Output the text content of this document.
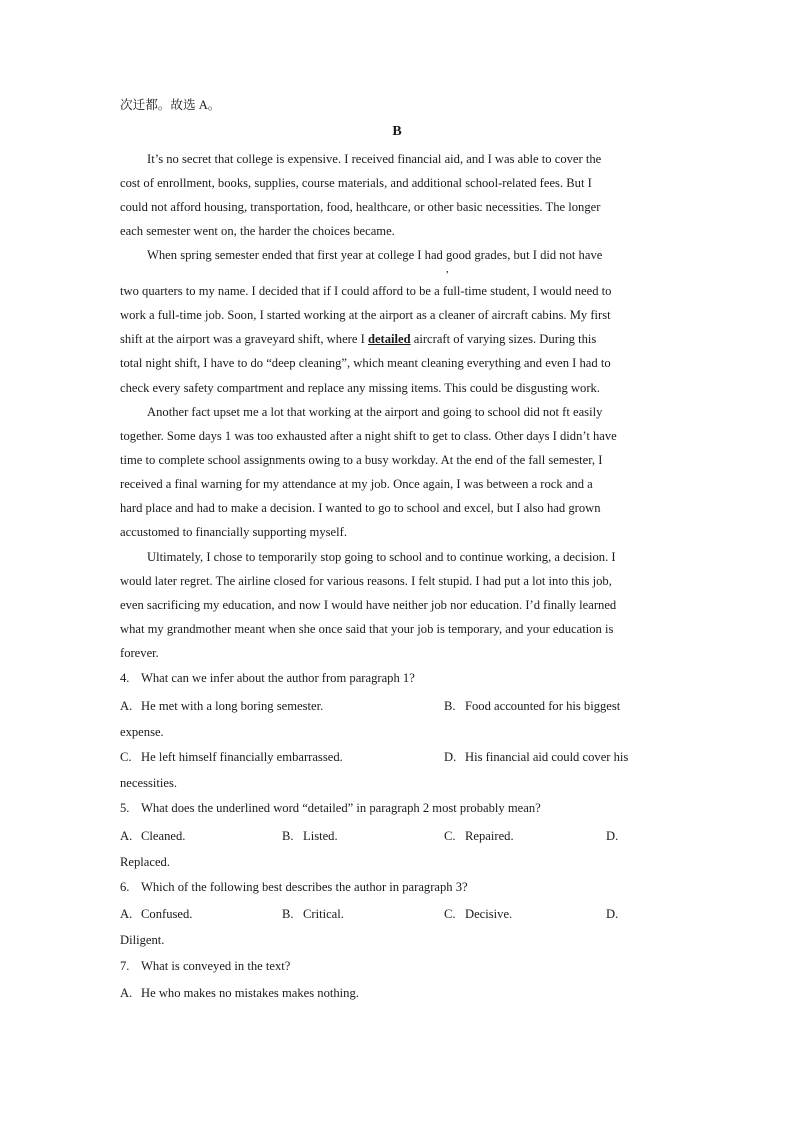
次迁都。故选 A。
B
It’s no secret that college is expensive. I received financial aid, and I was able to cover the
cost of enrollment, books, supplies, course materials, and additional school-related fees. But I
could not afford housing, transportation, food, healthcare, or other basic necessities. The longer
each semester went on, the harder the choices became.
When spring semester ended that first year at college I had good grades, but I did not have
,
two quarters to my name. I decided that if I could afford to be a full-time student, I would need to
work a full-time job. Soon, I started working at the airport as a cleaner of aircraft cabins. My first
shift at the airport was a graveyard shift, where I detailed aircraft of varying sizes. During this
total night shift, I have to do “deep cleaning”, which meant cleaning everything and even I had to
check every safety compartment and replace any missing items. This could be disgusting work.
Another fact upset me a lot that working at the airport and going to school did not ft easily
together. Some days 1 was too exhausted after a night shift to get to class. Other days I didn’t have
time to complete school assignments owing to a busy workday. At the end of the fall semester, I
received a final warning for my attendance at my job. Once again, I was between a rock and a
hard place and had to make a decision. I wanted to go to school and excel, but I also had grown
accustomed to financially supporting myself.
Ultimately, I chose to temporarily stop going to school and to continue working, a decision. I
would later regret. The airline closed for various reasons. I felt stupid. I had put a lot into this job,
even sacrificing my education, and now I would have neither job nor education. I’d finally learned
what my grandmother meant when she once said that your job is temporary, and your education is
forever.
4. What can we infer about the author from paragraph 1?
A. He met with a long boring semester.	B. Food accounted for his biggest
expense.
C. He left himself financially embarrassed.	D. His financial aid could cover his
necessities.
5. What does the underlined word “detailed” in paragraph 2 most probably mean?
A. Cleaned.	B. Listed.	C. Repaired.	D.
Replaced.
6. Which of the following best describes the author in paragraph 3?
A. Confused.	B. Critical.	C. Decisive.	D.
Diligent.
7. What is conveyed in the text?
A. He who makes no mistakes makes nothing.
